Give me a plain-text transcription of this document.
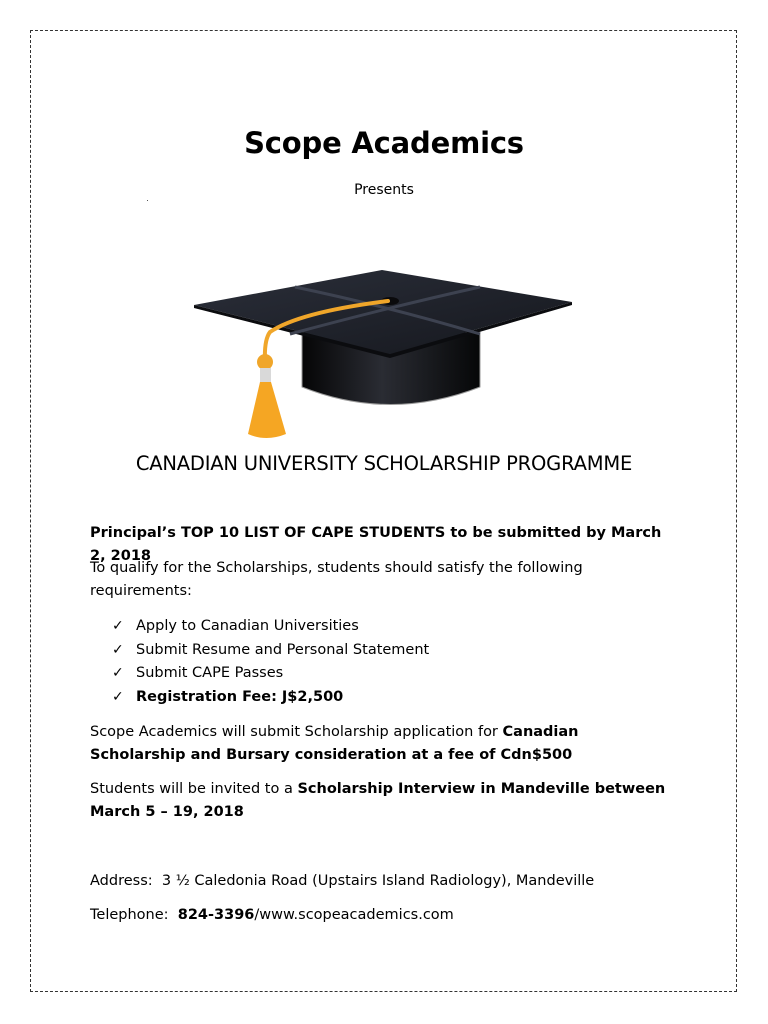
Scope Academics
Presents
CANADIAN UNIVERSITY SCHOLARSHIP PROGRAMME
Principal’s TOP 10 LIST OF CAPE STUDENTS to be submitted by March 2, 2018
To qualify for the Scholarships, students should satisfy the following requirements:
✓ Apply to Canadian Universities
✓ Submit Resume and Personal Statement
✓ Submit CAPE Passes
✓ Registration Fee: J$2,500
Scope Academics will submit Scholarship application for Canadian Scholarship and Bursary consideration at a fee of Cdn$500
Students will be invited to a Scholarship Interview in Mandeville between March 5 – 19, 2018
Address: 3 ½ Caledonia Road (Upstairs Island Radiology), Mandeville
Telephone: 824-3396/www.scopeacademics.com
